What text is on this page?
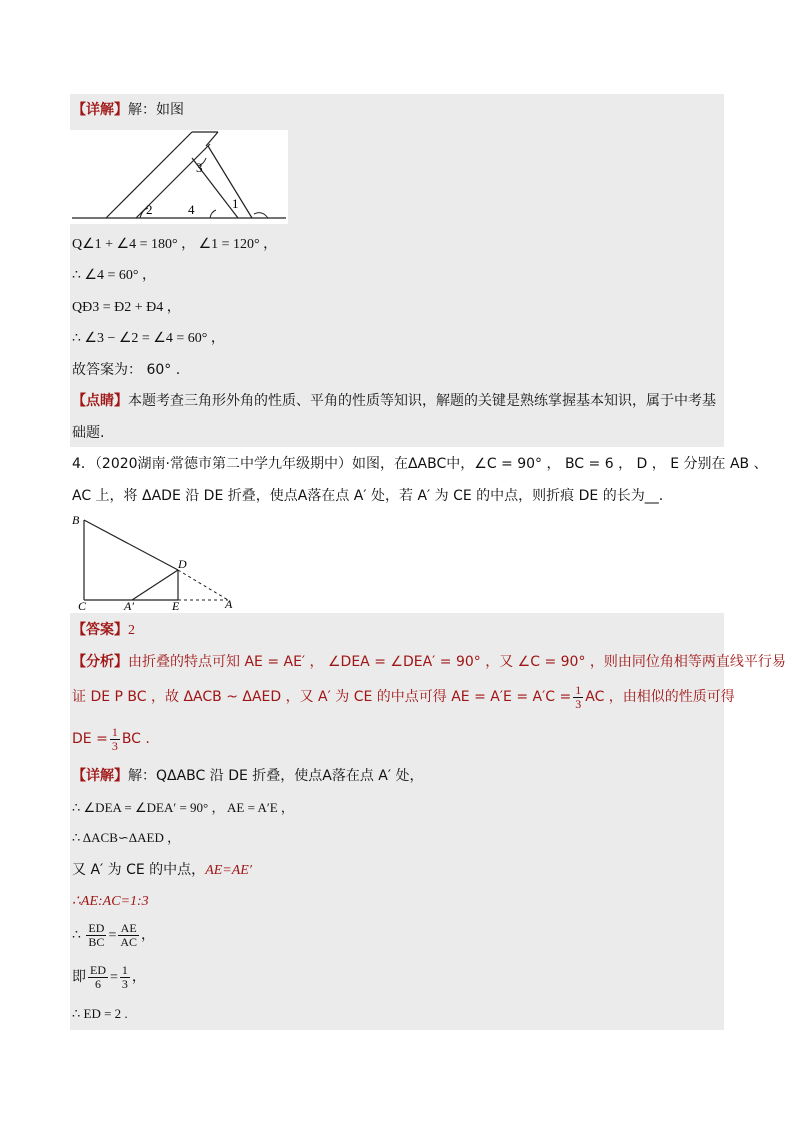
【详解】解：如图
3
2	4	1
Q∠1 + ∠4 = 180° ， ∠1 = 120° ，
∴ ∠4 = 60° ，
QÐ3 = Ð2 + Ð4 ，
∴ ∠3 − ∠2 = ∠4 = 60° ，
故答案为： 60° .
【点睛】本题考查三角形外角的性质、平角的性质等知识，解题的关键是熟练掌握基本知识，属于中考基
础题.
4．（2020湖南·常德市第二中学九年级期中）如图，在ΔABC中，∠C = 90° ， BC = 6 ， D ， E 分别在 AB 、
AC 上，将 ΔADE 沿 DE 折叠，使点A落在点 A′ 处，若 A′ 为 CE 的中点，则折痕 DE 的长为__.
B
C	A′	E
D
A
【答案】2
【分析】由折叠的特点可知 AE = AE′ ， ∠DEA = ∠DEA′ = 90° ，又 ∠C = 90° ，则由同位角相等两直线平行易
证 DE P BC ，故 ΔACB ~ ΔAED ，又 A′ 为 CE 的中点可得 AE = $A'E = A'C = \frac{1}{3}$ AC ，由相似的性质可得
DE = $\frac{1}{3}$ BC .
【详解】解：QΔABC 沿 DE 折叠，使点A落在点 A′ 处，
∴ ∠DEA = ∠DEA′ = 90° ， AE = A′E ，
∴ ΔACB∽ΔAED ，
又 A′ 为 CE 的中点，AE=AE′
∴AE:AC=1:3
∴ $\frac{ED}{BC} = \frac{AE}{AC}$ ，
即 $\frac{ED}{6} = \frac{1}{3}$ ，
∴ ED = 2 .
